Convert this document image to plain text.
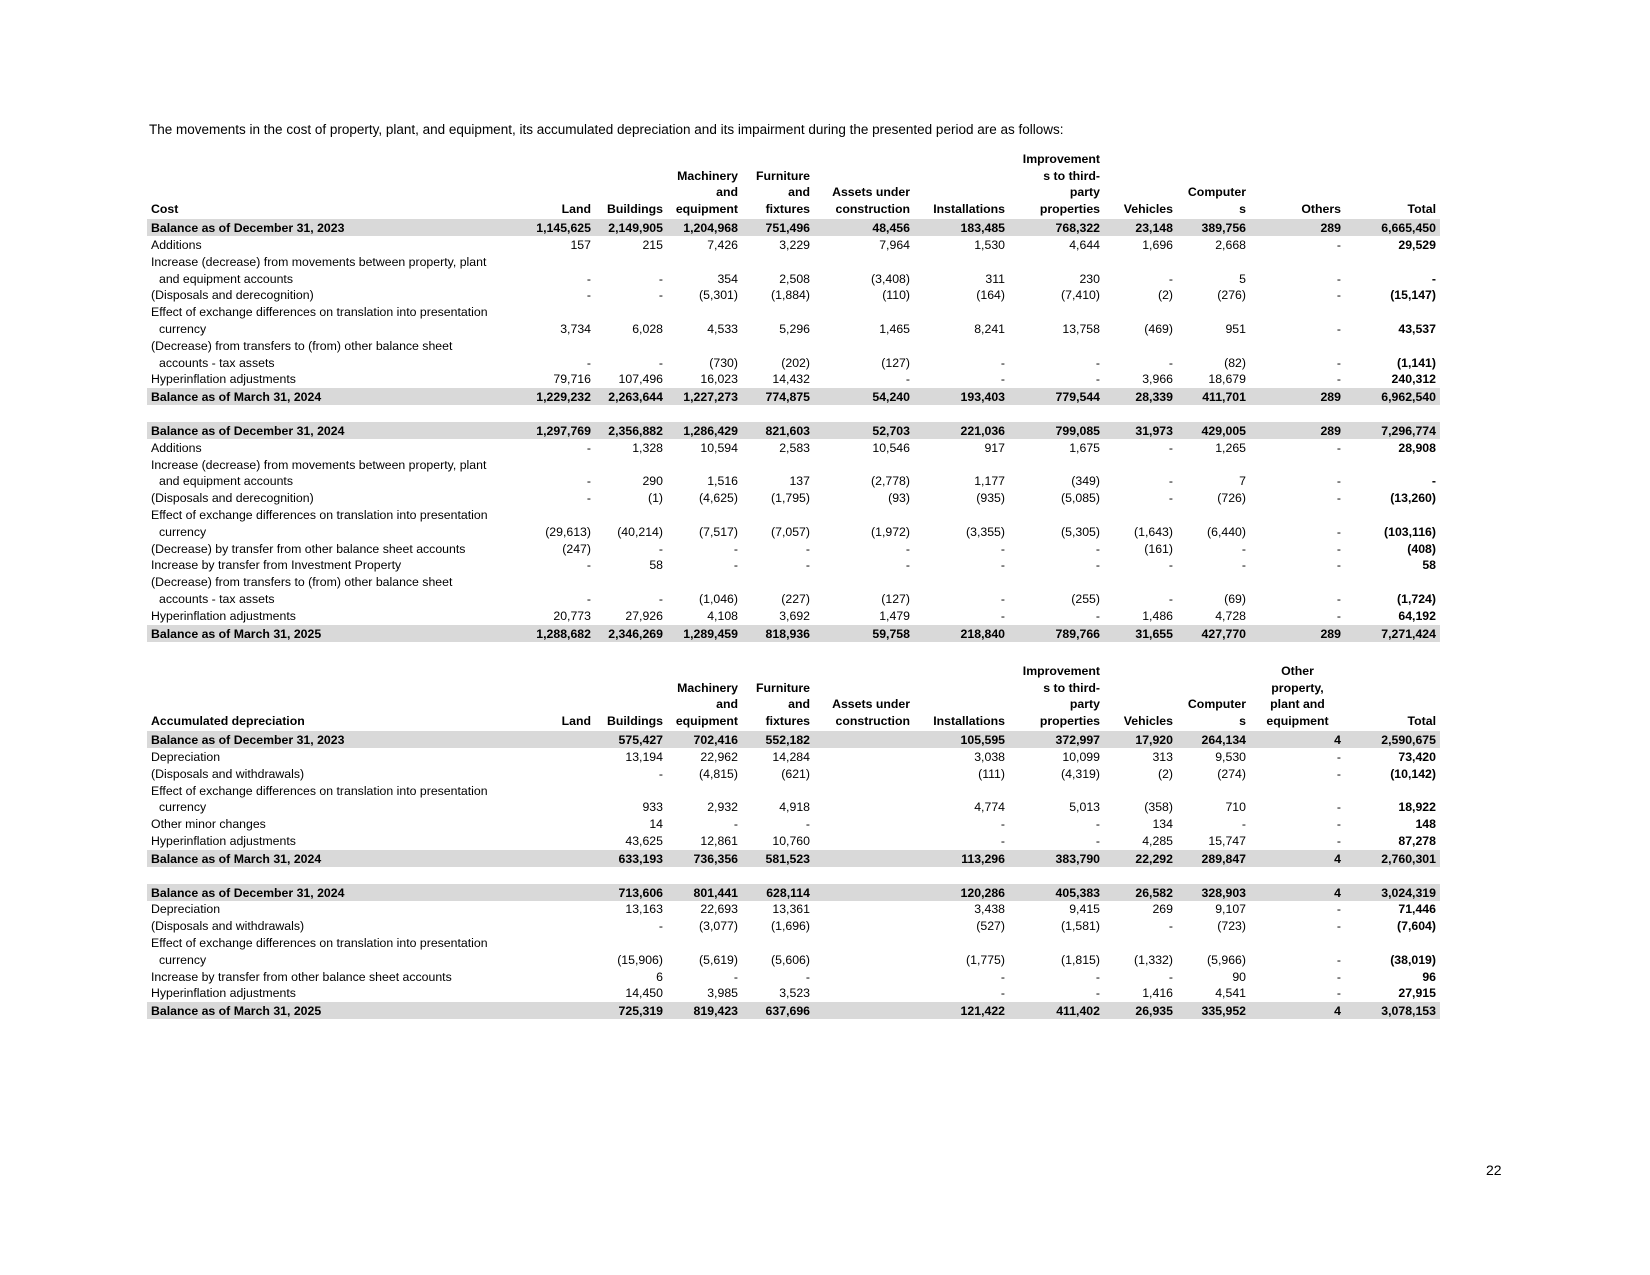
The movements in the cost of property, plant, and equipment, its accumulated depreciation and its impairment during the presented period are as follows:
Cost	Land	Buildings	Machinery
and
equipment	Furniture
and
fixtures	Assets under
construction	Installations	Improvement
s to third-
party
properties	Vehicles	Computer
s	Others	Total
Balance as of December 31, 2023	1,145,625	2,149,905	1,204,968	751,496	48,456	183,485	768,322	23,148	389,756	289	6,665,450
Additions	157	215	7,426	3,229	7,964	1,530	4,644	1,696	2,668	-	29,529
Increase (decrease) from movements between property, plant											
and equipment accounts	-	-	354	2,508	(3,408)	311	230	-	5	-	-
(Disposals and derecognition)	-	-	(5,301)	(1,884)	(110)	(164)	(7,410)	(2)	(276)	-	(15,147)
Effect of exchange differences on translation into presentation											
currency	3,734	6,028	4,533	5,296	1,465	8,241	13,758	(469)	951	-	43,537
(Decrease) from transfers to (from) other balance sheet											
accounts - tax assets	-	-	(730)	(202)	(127)	-	-	-	(82)	-	(1,141)
Hyperinflation adjustments	79,716	107,496	16,023	14,432	-	-	-	3,966	18,679	-	240,312
Balance as of March 31, 2024	1,229,232	2,263,644	1,227,273	774,875	54,240	193,403	779,544	28,339	411,701	289	6,962,540

Balance as of December 31, 2024	1,297,769	2,356,882	1,286,429	821,603	52,703	221,036	799,085	31,973	429,005	289	7,296,774
Additions	-	1,328	10,594	2,583	10,546	917	1,675	-	1,265	-	28,908
Increase (decrease) from movements between property, plant											
and equipment accounts	-	290	1,516	137	(2,778)	1,177	(349)	-	7	-	-
(Disposals and derecognition)	-	(1)	(4,625)	(1,795)	(93)	(935)	(5,085)	-	(726)	-	(13,260)
Effect of exchange differences on translation into presentation											
currency	(29,613)	(40,214)	(7,517)	(7,057)	(1,972)	(3,355)	(5,305)	(1,643)	(6,440)	-	(103,116)
(Decrease) by transfer from other balance sheet accounts	(247)	-	-	-	-	-	-	(161)	-	-	(408)
Increase by transfer from Investment Property	-	58	-	-	-	-	-	-	-	-	58
(Decrease) from transfers to (from) other balance sheet											
accounts - tax assets	-	-	(1,046)	(227)	(127)	-	(255)	-	(69)	-	(1,724)
Hyperinflation adjustments	20,773	27,926	4,108	3,692	1,479	-	-	1,486	4,728	-	64,192
Balance as of March 31, 2025	1,288,682	2,346,269	1,289,459	818,936	59,758	218,840	789,766	31,655	427,770	289	7,271,424
Accumulated depreciation	Land	Buildings	Machinery
and
equipment	Furniture
and
fixtures	Assets under
construction	Installations	Improvement
s to third-
party
properties	Vehicles	Computer
s	Other
property,
plant and
equipment	Total
Balance as of December 31, 2023		575,427	702,416	552,182		105,595	372,997	17,920	264,134	4	2,590,675
Depreciation		13,194	22,962	14,284		3,038	10,099	313	9,530	-	73,420
(Disposals and withdrawals)		-	(4,815)	(621)		(111)	(4,319)	(2)	(274)	-	(10,142)
Effect of exchange differences on translation into presentation											
currency		933	2,932	4,918		4,774	5,013	(358)	710	-	18,922
Other minor changes		14	-	-		-	-	134	-	-	148
Hyperinflation adjustments		43,625	12,861	10,760		-	-	4,285	15,747	-	87,278
Balance as of March 31, 2024		633,193	736,356	581,523		113,296	383,790	22,292	289,847	4	2,760,301

Balance as of December 31, 2024		713,606	801,441	628,114		120,286	405,383	26,582	328,903	4	3,024,319
Depreciation		13,163	22,693	13,361		3,438	9,415	269	9,107	-	71,446
(Disposals and withdrawals)		-	(3,077)	(1,696)		(527)	(1,581)	-	(723)	-	(7,604)
Effect of exchange differences on translation into presentation											
currency		(15,906)	(5,619)	(5,606)		(1,775)	(1,815)	(1,332)	(5,966)	-	(38,019)
Increase by transfer from other balance sheet accounts		6	-	-		-	-	-	90	-	96
Hyperinflation adjustments		14,450	3,985	3,523		-	-	1,416	4,541	-	27,915
Balance as of March 31, 2025		725,319	819,423	637,696		121,422	411,402	26,935	335,952	4	3,078,153
22
